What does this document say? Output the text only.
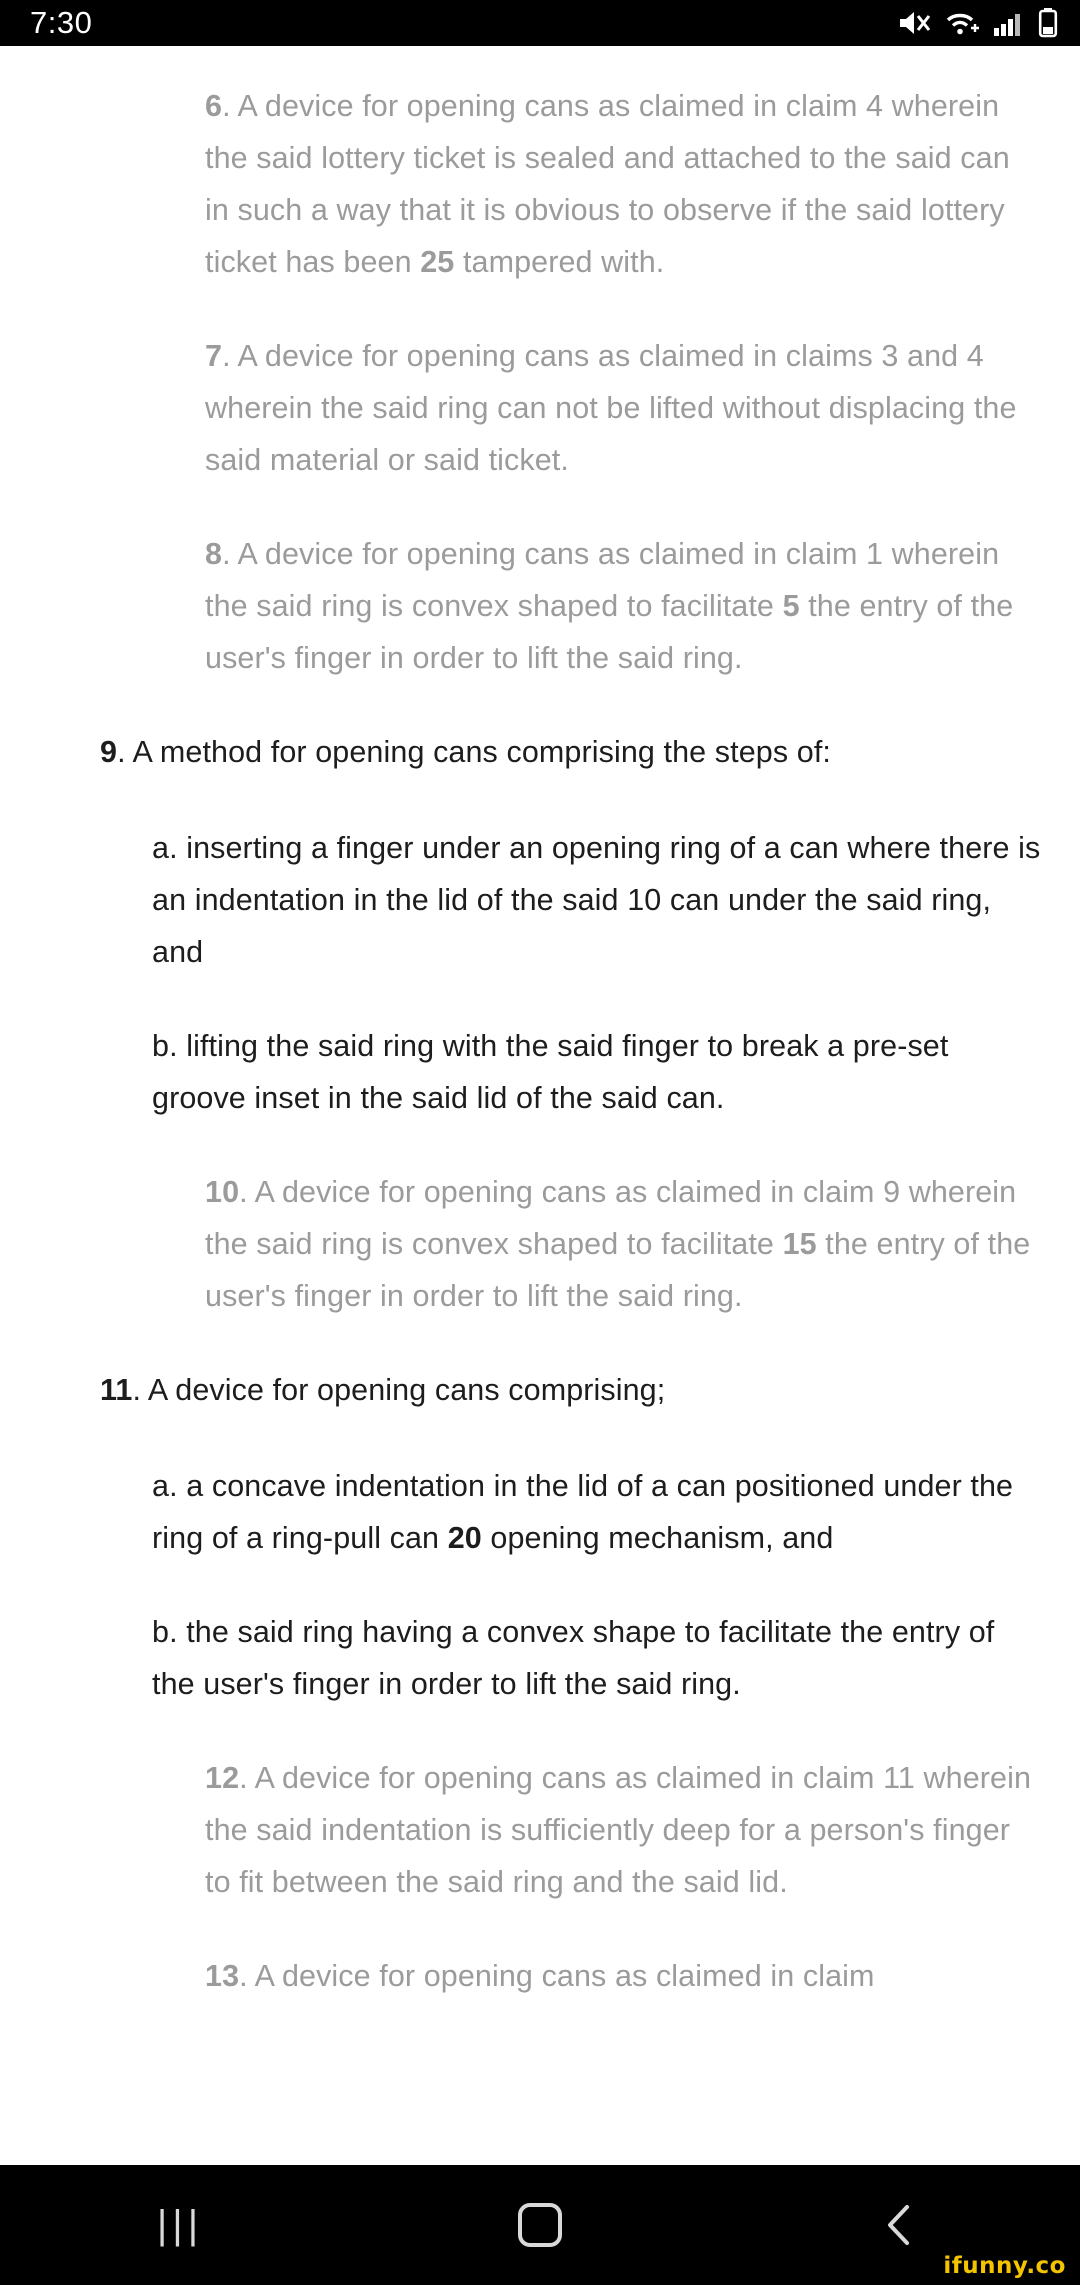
7:30

6. A device for opening cans as claimed in claim 4 wherein the said lottery ticket is sealed and attached to the said can in such a way that it is obvious to observe if the said lottery ticket has been 25 tampered with.

7. A device for opening cans as claimed in claims 3 and 4 wherein the said ring can not be lifted without displacing the said material or said ticket.

8. A device for opening cans as claimed in claim 1 wherein the said ring is convex shaped to facilitate 5 the entry of the user's finger in order to lift the said ring.

9. A method for opening cans comprising the steps of:

a. inserting a finger under an opening ring of a can where there is an indentation in the lid of the said 10 can under the said ring, and

b. lifting the said ring with the said finger to break a pre-set groove inset in the said lid of the said can.

10. A device for opening cans as claimed in claim 9 wherein the said ring is convex shaped to facilitate 15 the entry of the user's finger in order to lift the said ring.

11. A device for opening cans comprising;

a. a concave indentation in the lid of a can positioned under the ring of a ring-pull can 20 opening mechanism, and

b. the said ring having a convex shape to facilitate the entry of the user's finger in order to lift the said ring.

12. A device for opening cans as claimed in claim 11 wherein the said indentation is sufficiently deep for a person's finger to fit between the said ring and the said lid.

13. A device for opening cans as claimed in claim

|||
ifunny.co
